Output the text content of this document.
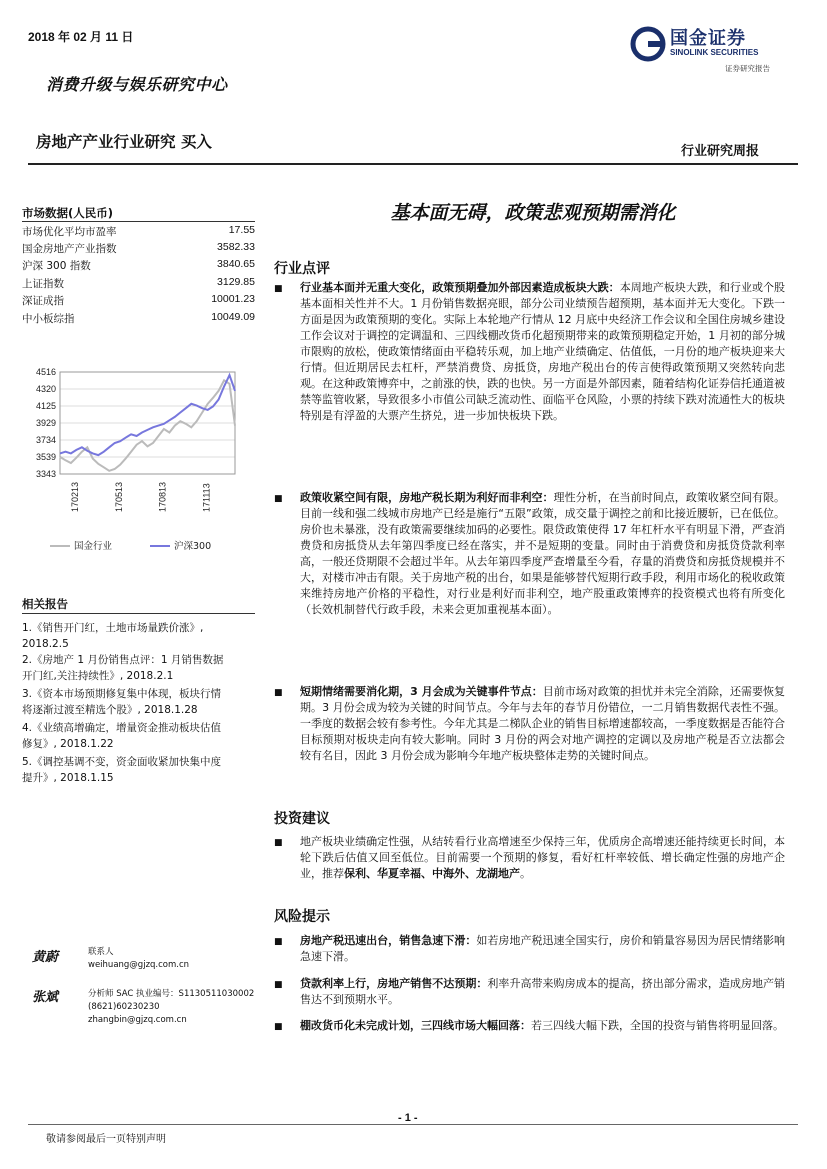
2018 年 02 月 11 日
消费升级与娱乐研究中心
房地产产业行业研究 买入
行业研究周报
国金证券
SINOLINK SECURITIES
证券研究报告
市场数据(人民币)
市场优化平均市盈率	17.55
国金房地产产业指数	3582.33
沪深 300 指数	3840.65
上证指数	3129.85
深证成指	10001.23
中小板综指	10049.09
4516
4320
4125
3929
3734
3539
3343
170213	170513	170813	171113
国金行业	沪深300
相关报告
1.《销售开门红，土地市场量跌价涨》,
2018.2.5
2.《房地产 1 月份销售点评：1 月销售数据
开门红,关注持续性》, 2018.2.1
3.《资本市场预期修复集中体现，板块行情
将逐渐过渡至精选个股》, 2018.1.28
4.《业绩高增确定，增量资金推动板块估值
修复》, 2018.1.22
5.《调控基调不变，资金面收紧加快集中度
提升》, 2018.1.15
黄蔚	联系人
weihuang@gjzq.com.cn
张斌	分析师 SAC 执业编号：S1130511030002
(8621)60230230
zhangbin@gjzq.com.cn
基本面无碍，政策悲观预期需消化
行业点评
■ 行业基本面并无重大变化，政策预期叠加外部因素造成板块大跌：本周地产板块大跌，和行业或个股基本面相关性并不大。1 月份销售数据亮眼，部分公司业绩预告超预期，基本面并无大变化。下跌一方面是因为政策预期的变化。实际上本轮地产行情从 12 月底中央经济工作会议和全国住房城乡建设工作会议对于调控的定调温和、三四线棚改货币化超预期带来的政策预期稳定开始，1 月初的部分城市限购的放松，使政策情绪面由平稳转乐观，加上地产业绩确定、估值低，一月份的地产板块迎来大行情。但近期居民去杠杆，严禁消费贷、房抵贷，房地产税出台的传言使得政策预期又突然转向悲观。在这种政策博弈中，之前涨的快，跌的也快。另一方面是外部因素，随着结构化证券信托通道被禁等监管收紧，导致很多小市值公司缺乏流动性、面临平仓风险，小票的持续下跌对流通性大的板块特别是有浮盈的大票产生挤兑，进一步加快板块下跌。
■ 政策收紧空间有限，房地产税长期为利好而非利空：理性分析，在当前时间点，政策收紧空间有限。目前一线和强二线城市房地产已经是施行“五限”政策，成交量于调控之前和比接近腰斩，已在低位。房价也未暴涨，没有政策需要继续加码的必要性。限贷政策使得 17 年杠杆水平有明显下滑，严查消费贷和房抵贷从去年第四季度已经在落实，并不是短期的变量。同时由于消费贷和房抵贷贷款利率高，一般还贷期限不会超过半年。从去年第四季度严查增量至今看，存量的消费贷和房抵贷规模并不大，对楼市冲击有限。关于房地产税的出台，如果是能够替代短期行政手段，利用市场化的税收政策来维持房地产价格的平稳性，对行业是利好而非利空，地产股重政策博弈的投资模式也将有所变化（长效机制替代行政手段，未来会更加重视基本面）。
■ 短期情绪需要消化期，3 月会成为关键事件节点：目前市场对政策的担忧并未完全消除，还需要恢复期。3 月份会成为较为关键的时间节点。今年与去年的春节月份错位，一二月销售数据代表性不强。一季度的数据会较有参考性。今年尤其是二梯队企业的销售目标增速都较高，一季度数据是否能符合目标预期对板块走向有较大影响。同时 3 月份的两会对地产调控的定调以及房地产税是否立法都会较有名目，因此 3 月份会成为影响今年地产板块整体走势的关键时间点。
投资建议
■ 地产板块业绩确定性强，从结转看行业高增速至少保持三年，优质房企高增速还能持续更长时间，本轮下跌后估值又回至低位。目前需要一个预期的修复，看好杠杆率较低、增长确定性强的房地产企业，推荐保利、华夏幸福、中海外、龙湖地产。
风险提示
■ 房地产税迅速出台，销售急速下滑：如若房地产税迅速全国实行，房价和销量容易因为居民情绪影响急速下滑。
■ 贷款利率上行，房地产销售不达预期：利率升高带来购房成本的提高，挤出部分需求，造成房地产销售达不到预期水平。
■ 棚改货币化未完成计划，三四线市场大幅回落：若三四线大幅下跌，全国的投资与销售将明显回落。
- 1 -
敬请参阅最后一页特别声明
